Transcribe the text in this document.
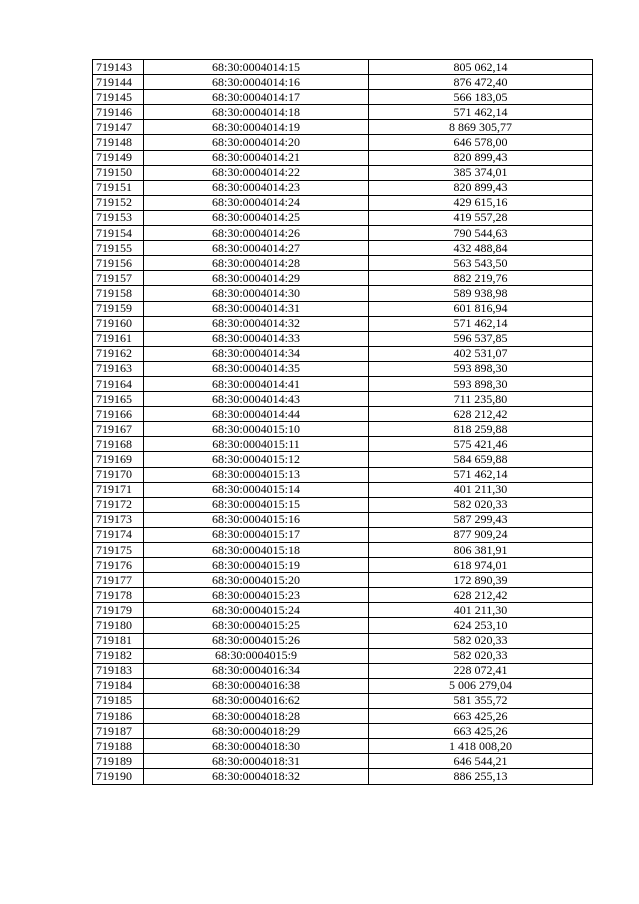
719143	68:30:0004014:15	805 062,14
719144	68:30:0004014:16	876 472,40
719145	68:30:0004014:17	566 183,05
719146	68:30:0004014:18	571 462,14
719147	68:30:0004014:19	8 869 305,77
719148	68:30:0004014:20	646 578,00
719149	68:30:0004014:21	820 899,43
719150	68:30:0004014:22	385 374,01
719151	68:30:0004014:23	820 899,43
719152	68:30:0004014:24	429 615,16
719153	68:30:0004014:25	419 557,28
719154	68:30:0004014:26	790 544,63
719155	68:30:0004014:27	432 488,84
719156	68:30:0004014:28	563 543,50
719157	68:30:0004014:29	882 219,76
719158	68:30:0004014:30	589 938,98
719159	68:30:0004014:31	601 816,94
719160	68:30:0004014:32	571 462,14
719161	68:30:0004014:33	596 537,85
719162	68:30:0004014:34	402 531,07
719163	68:30:0004014:35	593 898,30
719164	68:30:0004014:41	593 898,30
719165	68:30:0004014:43	711 235,80
719166	68:30:0004014:44	628 212,42
719167	68:30:0004015:10	818 259,88
719168	68:30:0004015:11	575 421,46
719169	68:30:0004015:12	584 659,88
719170	68:30:0004015:13	571 462,14
719171	68:30:0004015:14	401 211,30
719172	68:30:0004015:15	582 020,33
719173	68:30:0004015:16	587 299,43
719174	68:30:0004015:17	877 909,24
719175	68:30:0004015:18	806 381,91
719176	68:30:0004015:19	618 974,01
719177	68:30:0004015:20	172 890,39
719178	68:30:0004015:23	628 212,42
719179	68:30:0004015:24	401 211,30
719180	68:30:0004015:25	624 253,10
719181	68:30:0004015:26	582 020,33
719182	68:30:0004015:9	582 020,33
719183	68:30:0004016:34	228 072,41
719184	68:30:0004016:38	5 006 279,04
719185	68:30:0004016:62	581 355,72
719186	68:30:0004018:28	663 425,26
719187	68:30:0004018:29	663 425,26
719188	68:30:0004018:30	1 418 008,20
719189	68:30:0004018:31	646 544,21
719190	68:30:0004018:32	886 255,13
